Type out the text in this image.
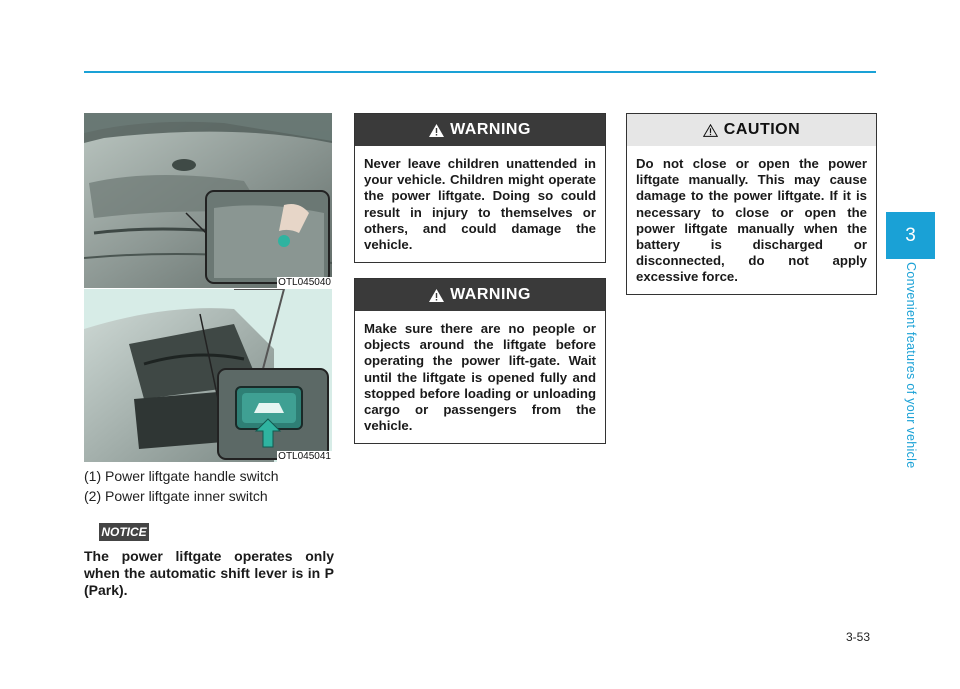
3
Convenient features of your vehicle
OTL045040
OTL045041
(1) Power liftgate handle switch
(2) Power liftgate inner switch
NOTICE
The power liftgate operates only when the automatic shift lever is in P (Park).
WARNING
Never leave children unattended in your vehicle. Children might operate the power liftgate. Doing so could result in injury to themselves or others, and could damage the vehicle.
WARNING
Make sure there are no people or objects around the liftgate before operating the power lift-gate. Wait until the liftgate is opened fully and stopped before loading or unloading cargo or passengers from the vehicle.
CAUTION
Do not close or open the power liftgate manually. This may cause damage to the power liftgate. If it is necessary to close or open the power liftgate manually when the battery is discharged or disconnected, do not apply excessive force.
3-53
